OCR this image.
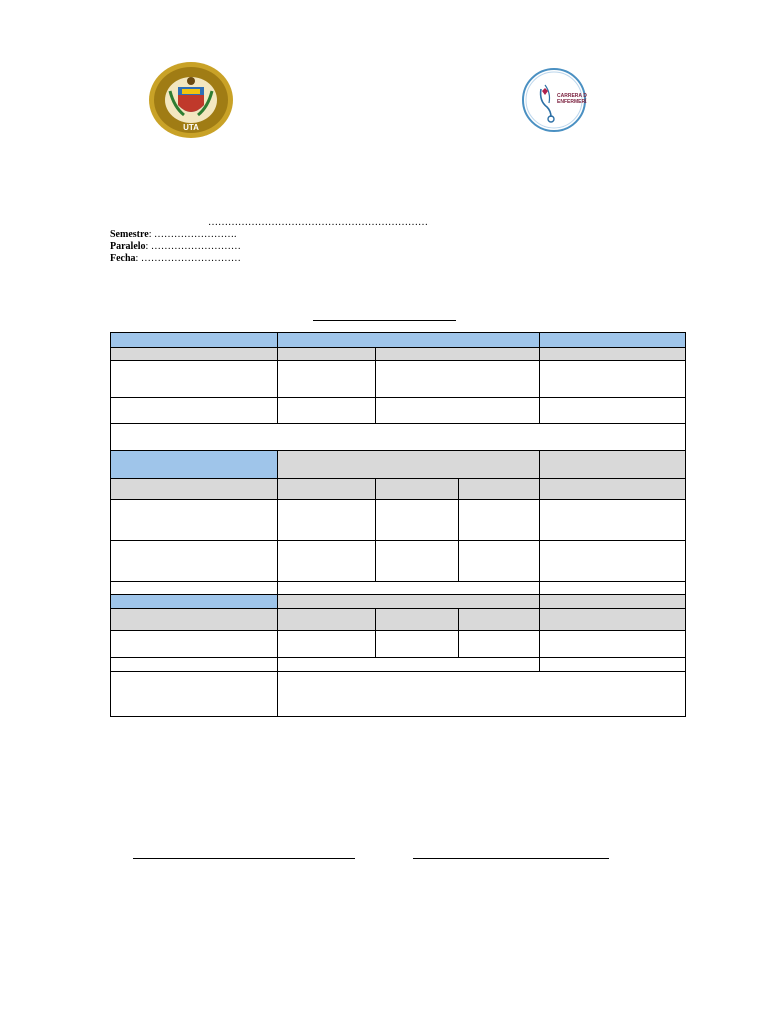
UTA
CARRERA DE
ENFERMERÍA
…………………………………………………………
Semestre: …………………….
Paralelo: ………………………
Fecha: …………………………
